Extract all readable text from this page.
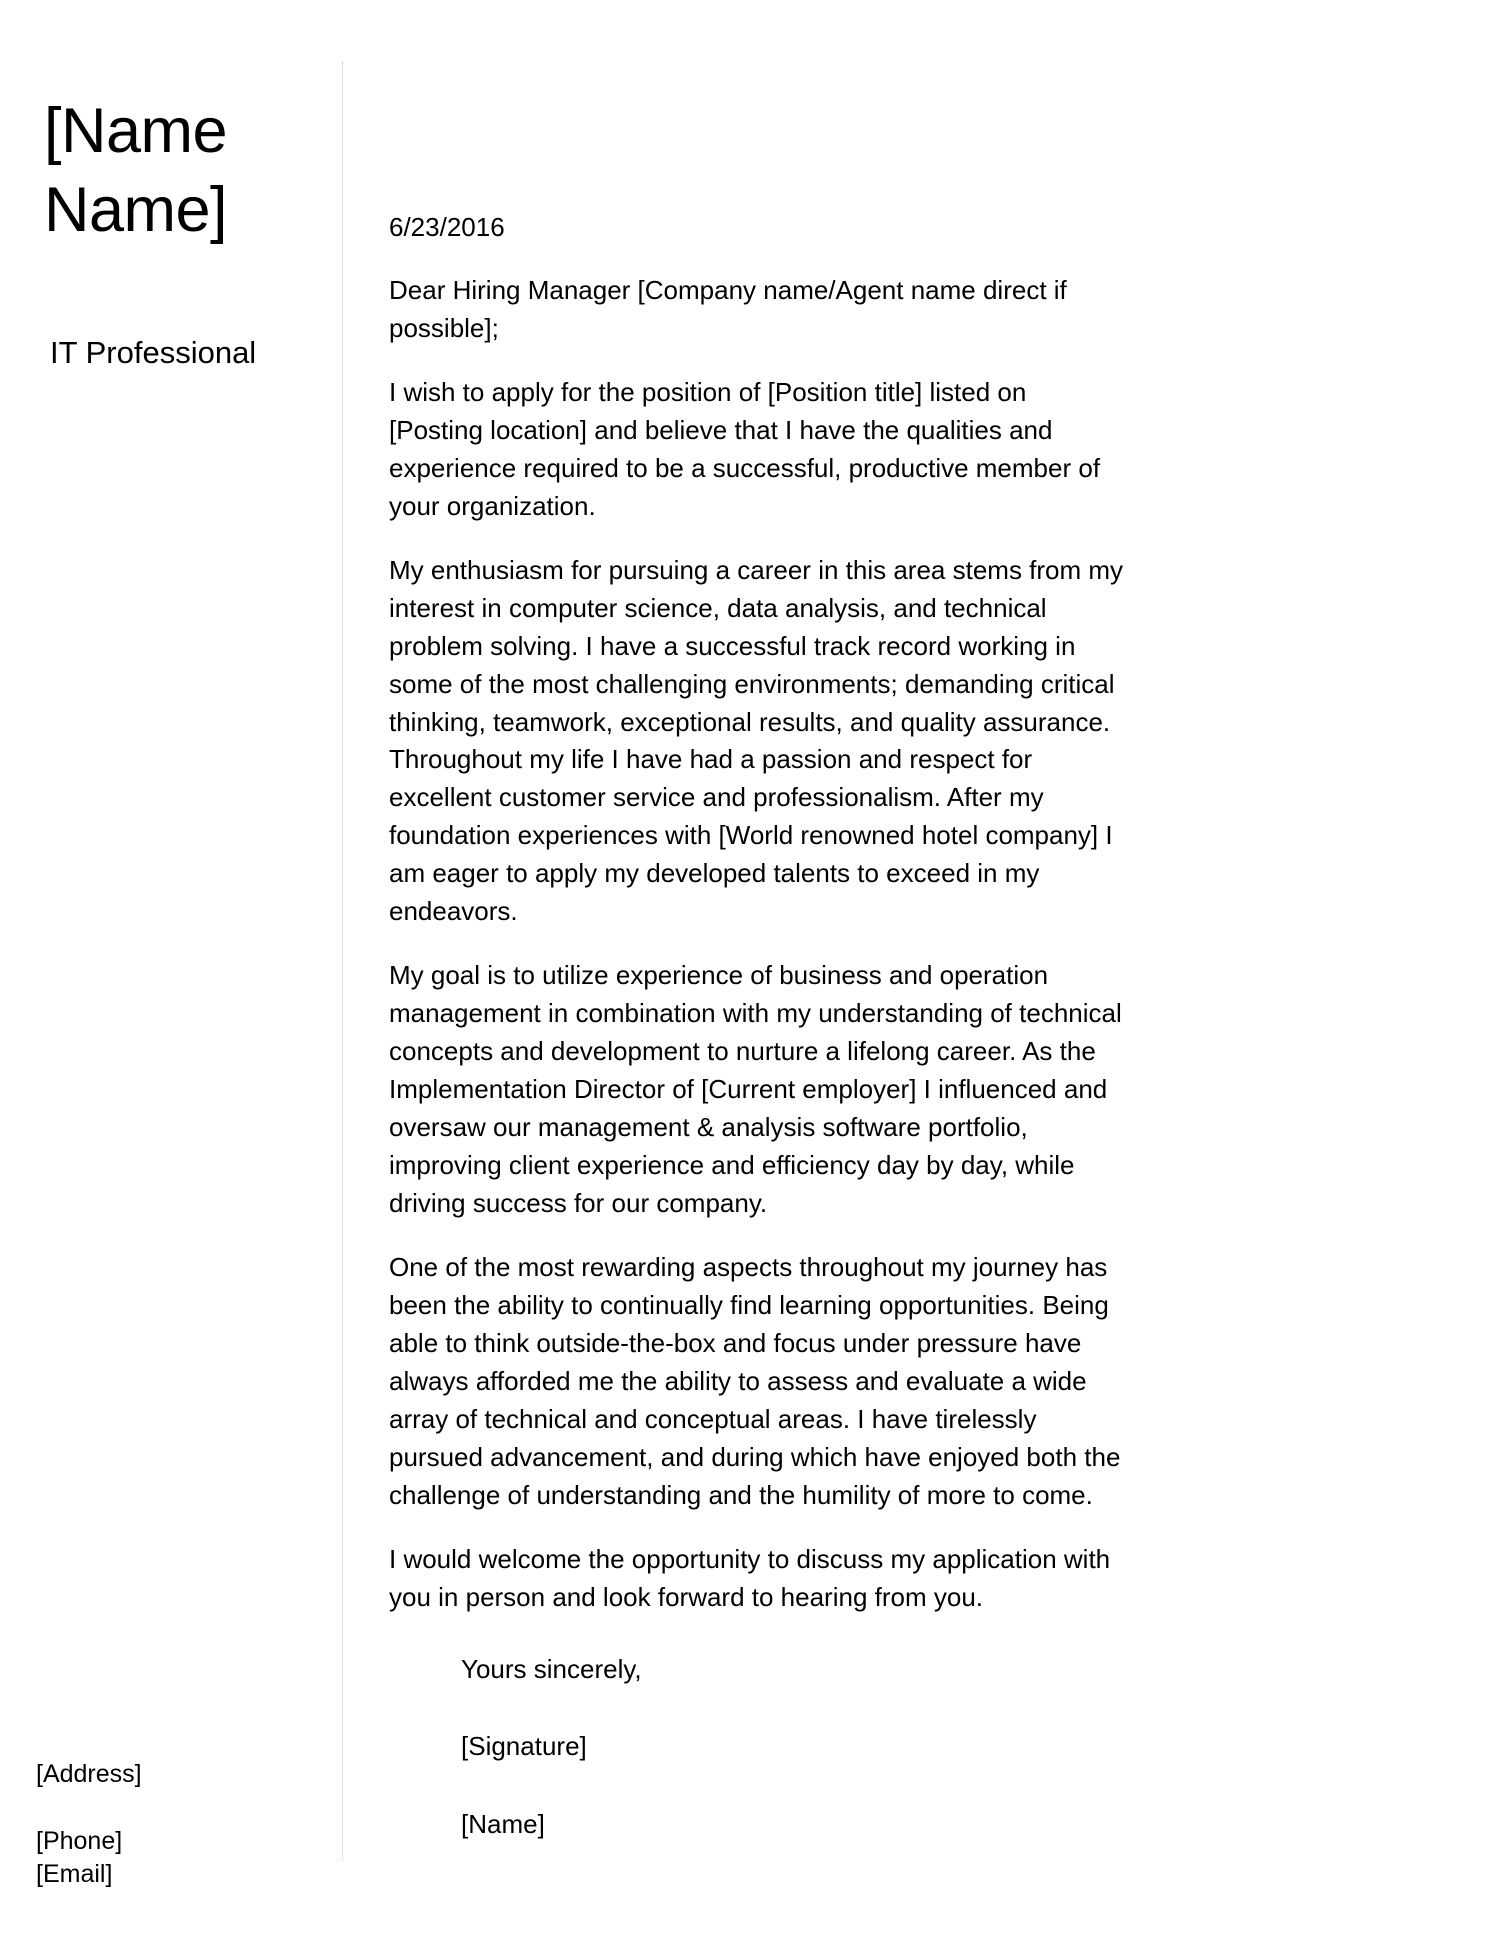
[Name
Name]
IT Professional
[Address]
[Phone]
[Email]
6/23/2016

Dear Hiring Manager [Company name/Agent name direct if possible];

I wish to apply for the position of [Position title] listed on [Posting location] and believe that I have the qualities and experience required to be a successful, productive member of your organization.

My enthusiasm for pursuing a career in this area stems from my interest in computer science, data analysis, and technical problem solving. I have a successful track record working in some of the most challenging environments; demanding critical thinking, teamwork, exceptional results, and quality assurance. Throughout my life I have had a passion and respect for excellent customer service and professionalism. After my foundation experiences with [World renowned hotel company] I am eager to apply my developed talents to exceed in my endeavors.

My goal is to utilize experience of business and operation management in combination with my understanding of technical concepts and development to nurture a lifelong career. As the Implementation Director of [Current employer] I influenced and oversaw our management & analysis software portfolio, improving client experience and efficiency day by day, while driving success for our company.

One of the most rewarding aspects throughout my journey has been the ability to continually find learning opportunities. Being able to think outside-the-box and focus under pressure have always afforded me the ability to assess and evaluate a wide array of technical and conceptual areas. I have tirelessly pursued advancement, and during which have enjoyed both the challenge of understanding and the humility of more to come.

I would welcome the opportunity to discuss my application with you in person and look forward to hearing from you.

Yours sincerely,

[Signature]

[Name]
